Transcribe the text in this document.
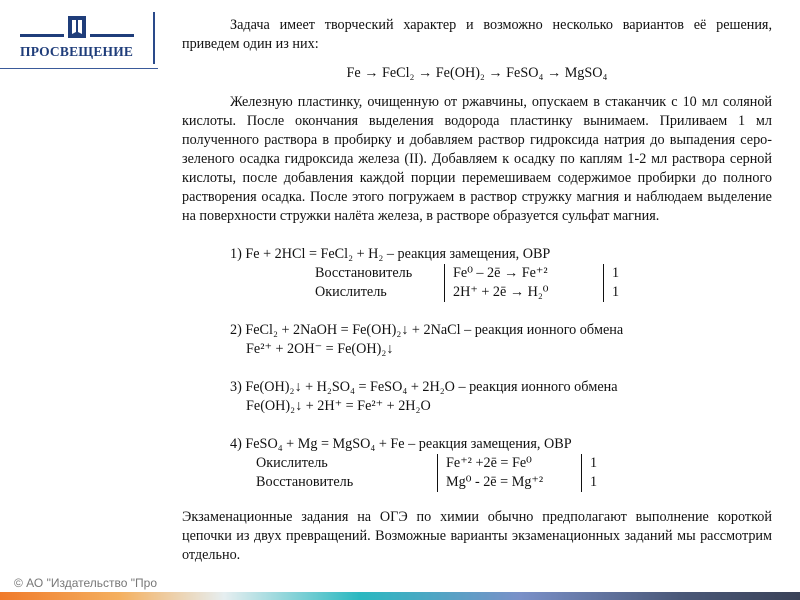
ПРОСВЕЩЕНИЕ

Задача имеет творческий характер и возможно несколько вариантов её решения, приведем один из них:

Fe → FeCl₂ → Fe(OH)₂ → FeSO₄ → MgSO₄

Железную пластинку, очищенную от ржавчины, опускаем в стаканчик с 10 мл соляной кислоты. После окончания выделения водорода пластинку вынимаем. Приливаем 1 мл полученного раствора в пробирку и добавляем раствор гидроксида натрия до выпадения серо-зеленого осадка гидроксида железа (II). Добавляем к осадку по каплям 1-2 мл раствора серной кислоты, после добавления каждой порции перемешиваем содержимое пробирки до полного растворения осадка. После этого погружаем в раствор стружку магния и наблюдаем выделение на поверхности стружки налёта железа, в растворе образуется сульфат магния.

1) Fe + 2HCl = FeCl₂ + H₂ – реакция замещения, ОВР
Восстановитель	Fe⁰ – 2ē → Fe⁺²	1
Окислитель	2H⁺ + 2ē → H₂⁰	1
2) FeCl₂ + 2NaOH = Fe(OH)₂↓ + 2NaCl – реакция ионного обмена
Fe²⁺ + 2OH⁻ = Fe(OH)₂↓
3) Fe(OH)₂↓ + H₂SO₄ = FeSO₄ + 2H₂O – реакция ионного обмена
Fe(OH)₂↓ + 2H⁺ = Fe²⁺ + 2H₂O
4) FeSO₄ + Mg = MgSO₄ + Fe – реакция замещения, ОВР
Окислитель	Fe⁺² +2ē = Fe⁰	1
Восстановитель	Mg⁰ - 2ē = Mg⁺²	1

Экзаменационные задания на ОГЭ по химии обычно предполагают выполнение короткой цепочки из двух превращений. Возможные варианты экзаменационных заданий мы рассмотрим отдельно.

© АО "Издательство "Про
